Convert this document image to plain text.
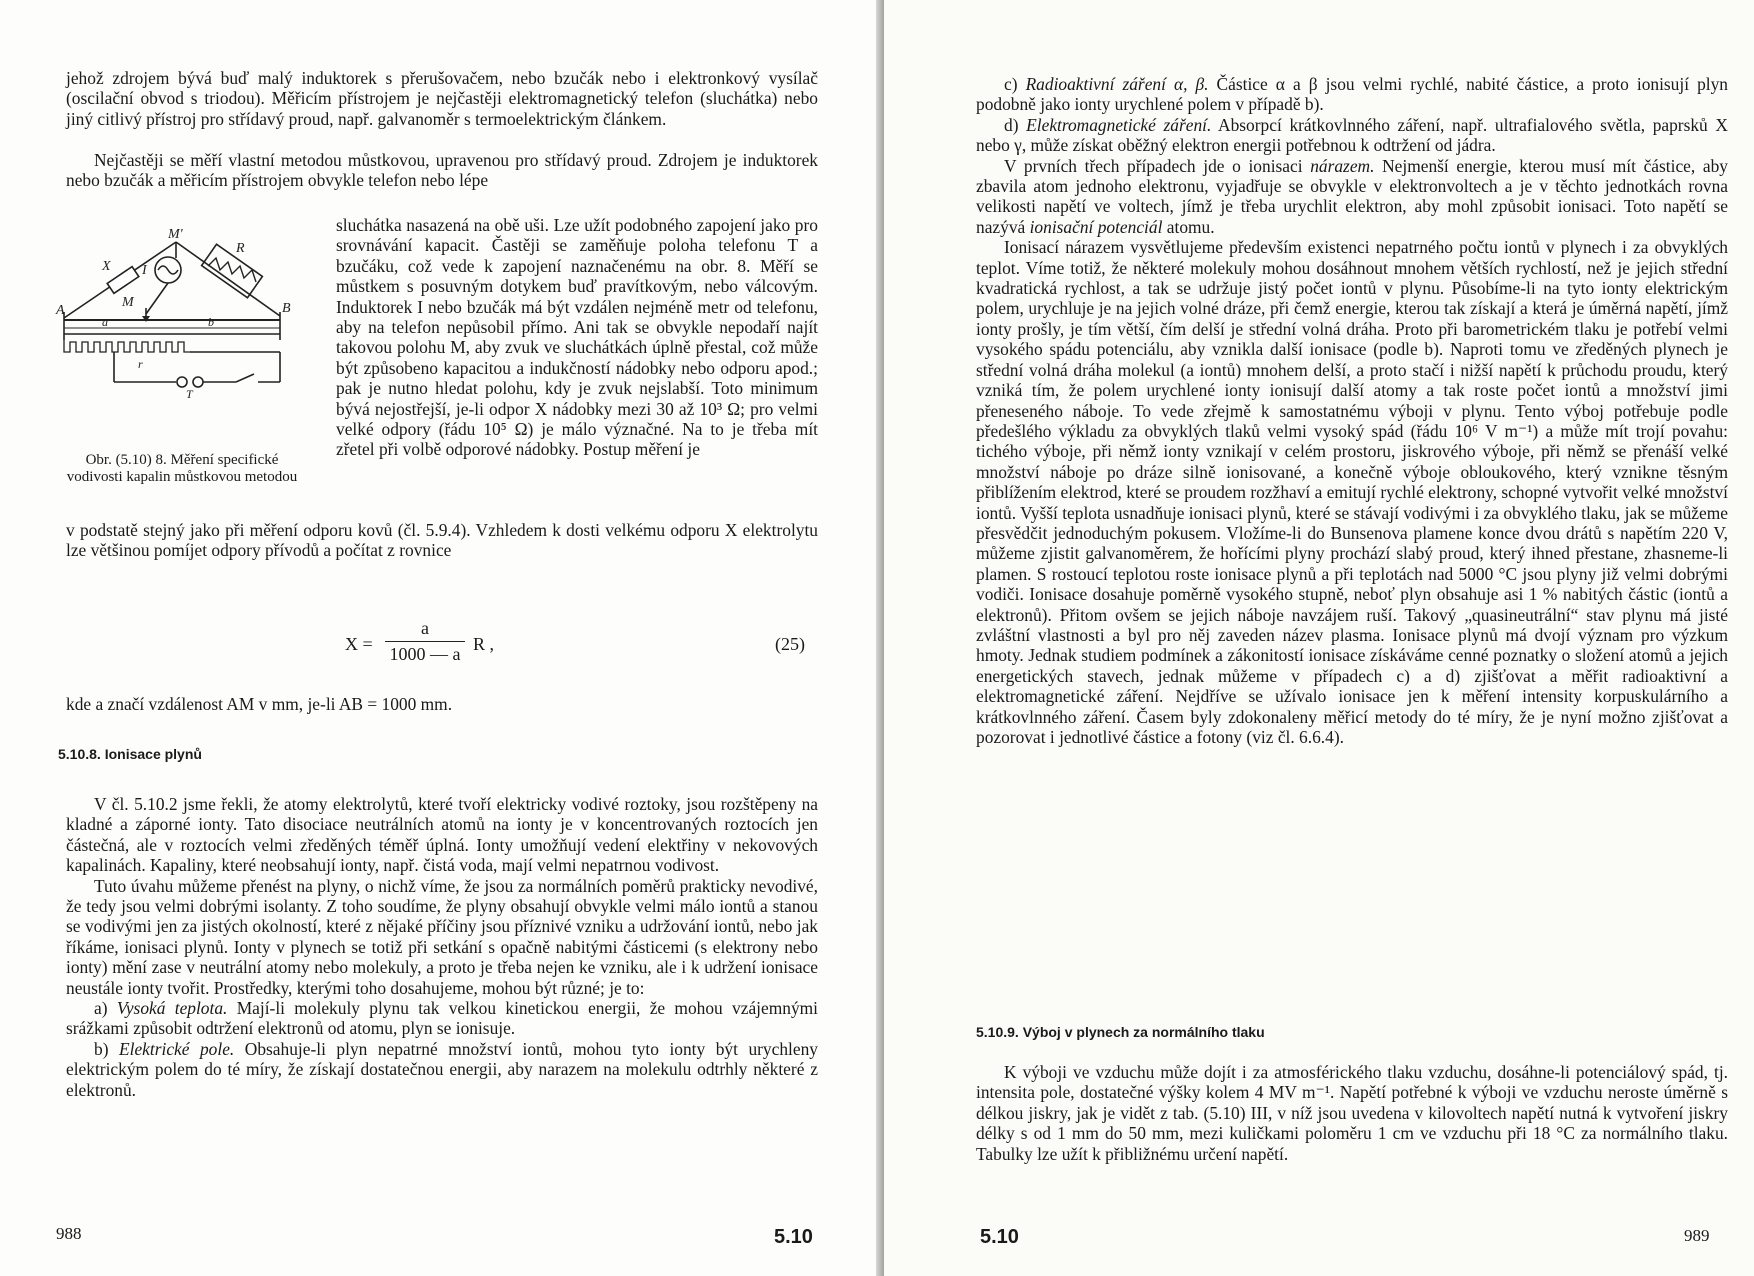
jehož zdrojem bývá buď malý induktorek s přerušovačem, nebo bzučák nebo i elektronkový vysílač (oscilační obvod s triodou). Měřicím přístrojem je nejčastěji elektromagnetický telefon (sluchátka) nebo jiný citlivý přístroj pro střídavý proud, např. galvanoměr s termoelektrickým článkem.

Nejčastěji se měří vlastní metodou můstkovou, upravenou pro střídavý proud. Zdrojem je induktorek nebo bzučák a měřicím přístrojem obvykle telefon nebo lépe

M'
X I
R
A	B
M
a	b
r
T
Obr. (5.10) 8. Měření specifické vodivosti kapalin můstkovou metodou

sluchátka nasazená na obě uši. Lze užít podobného zapojení jako pro srovnávání kapacit. Častěji se zaměňuje poloha telefonu T a bzučáku, což vede k zapojení naznačenému na obr. 8. Měří se můstkem s posuvným dotykem buď pravítkovým, nebo válcovým. Induktorek I nebo bzučák má být vzdálen nejméně metr od telefonu, aby na telefon nepůsobil přímo. Ani tak se obvykle nepodaří najít takovou polohu M, aby zvuk ve sluchátkách úplně přestal, což může být způsobeno kapacitou a indukčností nádobky nebo odporu apod.; pak je nutno hledat polohu, kdy je zvuk nejslabší. Toto minimum bývá nejostřejší, je-li odpor X nádobky mezi 30 až 10³ Ω; pro velmi velké odpory (řádu 10⁵ Ω) je málo význačné. Na to je třeba mít zřetel při volbě odporové nádobky. Postup měření je

v podstatě stejný jako při měření odporu kovů (čl. 5.9.4). Vzhledem k dosti velkému odporu X elektrolytu lze většinou pomíjet odpory přívodů a počítat z rovnice

$X = \frac{a}{1000 — a}$ R ,	(25)

kde a značí vzdálenost AM v mm, je-li AB = 1000 mm.

5.10.8. Ionisace plynů

V čl. 5.10.2 jsme řekli, že atomy elektrolytů, které tvoří elektricky vodivé roztoky, jsou rozštěpeny na kladné a záporné ionty. Tato disociace neutrálních atomů na ionty je v koncentrovaných roztocích jen částečná, ale v roztocích velmi zředěných téměř úplná. Ionty umožňují vedení elektřiny v nekovových kapalinách. Kapaliny, které neobsahují ionty, např. čistá voda, mají velmi nepatrnou vodivost.

Tuto úvahu můžeme přenést na plyny, o nichž víme, že jsou za normálních poměrů prakticky nevodivé, že tedy jsou velmi dobrými isolanty. Z toho soudíme, že plyny obsahují obvykle velmi málo iontů a stanou se vodivými jen za jistých okolností, které z nějaké příčiny jsou příznivé vzniku a udržování iontů, nebo jak říkáme, ionisaci plynů. Ionty v plynech se totiž při setkání s opačně nabitými částicemi (s elektrony nebo ionty) mění zase v neutrální atomy nebo molekuly, a proto je třeba nejen ke vzniku, ale i k udržení ionisace neustále ionty tvořit. Prostředky, kterými toho dosahujeme, mohou být různé; je to:

a) Vysoká teplota. Mají-li molekuly plynu tak velkou kinetickou energii, že mohou vzájemnými srážkami způsobit odtržení elektronů od atomu, plyn se ionisuje.

b) Elektrické pole. Obsahuje-li plyn nepatrné množství iontů, mohou tyto ionty být urychleny elektrickým polem do té míry, že získají dostatečnou energii, aby narazem na molekulu odtrhly některé z elektronů.

988	5.10

c) Radioaktivní záření α, β. Částice α a β jsou velmi rychlé, nabité částice, a proto ionisují plyn podobně jako ionty urychlené polem v případě b).

d) Elektromagnetické záření. Absorpcí krátkovlnného záření, např. ultrafialového světla, paprsků X nebo γ, může získat oběžný elektron energii potřebnou k odtržení od jádra.

V prvních třech případech jde o ionisaci nárazem. Nejmenší energie, kterou musí mít částice, aby zbavila atom jednoho elektronu, vyjadřuje se obvykle v elektronvoltech a je v těchto jednotkách rovna velikosti napětí ve voltech, jímž je třeba urychlit elektron, aby mohl způsobit ionisaci. Toto napětí se nazývá ionisační potenciál atomu.

Ionisací nárazem vysvětlujeme především existenci nepatrného počtu iontů v plynech i za obvyklých teplot. Víme totiž, že některé molekuly mohou dosáhnout mnohem větších rychlostí, než je jejich střední kvadratická rychlost, a tak se udržuje jistý počet iontů v plynu. Působíme-li na tyto ionty elektrickým polem, urychluje je na jejich volné dráze, při čemž energie, kterou tak získají a která je úměrná napětí, jímž ionty prošly, je tím větší, čím delší je střední volná dráha. Proto při barometrickém tlaku je potřebí velmi vysokého spádu potenciálu, aby vznikla další ionisace (podle b). Naproti tomu ve zředěných plynech je střední volná dráha molekul (a iontů) mnohem delší, a proto stačí i nižší napětí k průchodu proudu, který vzniká tím, že polem urychlené ionty ionisují další atomy a tak roste počet iontů a množství jimi přeneseného náboje. To vede zřejmě k samostatnému výboji v plynu. Tento výboj potřebuje podle předešlého výkladu za obvyklých tlaků velmi vysoký spád (řádu 10⁶ V m⁻¹) a může mít trojí povahu: tichého výboje, při němž ionty vznikají v celém prostoru, jiskrového výboje, při němž se přenáší velké množství náboje po dráze silně ionisované, a konečně výboje obloukového, který vznikne těsným přiblížením elektrod, které se proudem rozžhaví a emitují rychlé elektrony, schopné vytvořit velké množství iontů. Vyšší teplota usnadňuje ionisaci plynů, které se stávají vodivými i za obvyklého tlaku, jak se můžeme přesvědčit jednoduchým pokusem. Vložíme-li do Bunsenova plamene konce dvou drátů s napětím 220 V, můžeme zjistit galvanoměrem, že hořícími plyny prochází slabý proud, který ihned přestane, zhasneme-li plamen. S rostoucí teplotou roste ionisace plynů a při teplotách nad 5000 °C jsou plyny již velmi dobrými vodiči. Ionisace dosahuje poměrně vysokého stupně, neboť plyn obsahuje asi 1 % nabitých částic (iontů a elektronů). Přitom ovšem se jejich náboje navzájem ruší. Takový „quasineutrální“ stav plynu má jisté zvláštní vlastnosti a byl pro něj zaveden název plasma. Ionisace plynů má dvojí význam pro výzkum hmoty. Jednak studiem podmínek a zákonitostí ionisace získáváme cenné poznatky o složení atomů a jejich energetických stavech, jednak můžeme v případech c) a d) zjišťovat a měřit radioaktivní a elektromagnetické záření. Nejdříve se užívalo ionisace jen k měření intensity korpuskulárního a krátkovlnného záření. Časem byly zdokonaleny měřicí metody do té míry, že je nyní možno zjišťovat a pozorovat i jednotlivé částice a fotony (viz čl. 6.6.4).

5.10.9. Výboj v plynech za normálního tlaku

K výboji ve vzduchu může dojít i za atmosférického tlaku vzduchu, dosáhne-li potenciálový spád, tj. intensita pole, dostatečné výšky kolem 4 MV m⁻¹. Napětí potřebné k výboji ve vzduchu neroste úměrně s délkou jiskry, jak je vidět z tab. (5.10) III, v níž jsou uvedena v kilovoltech napětí nutná k vytvoření jiskry délky s od 1 mm do 50 mm, mezi kuličkami poloměru 1 cm ve vzduchu při 18 °C za normálního tlaku. Tabulky lze užít k přibližnému určení napětí.

5.10	989
